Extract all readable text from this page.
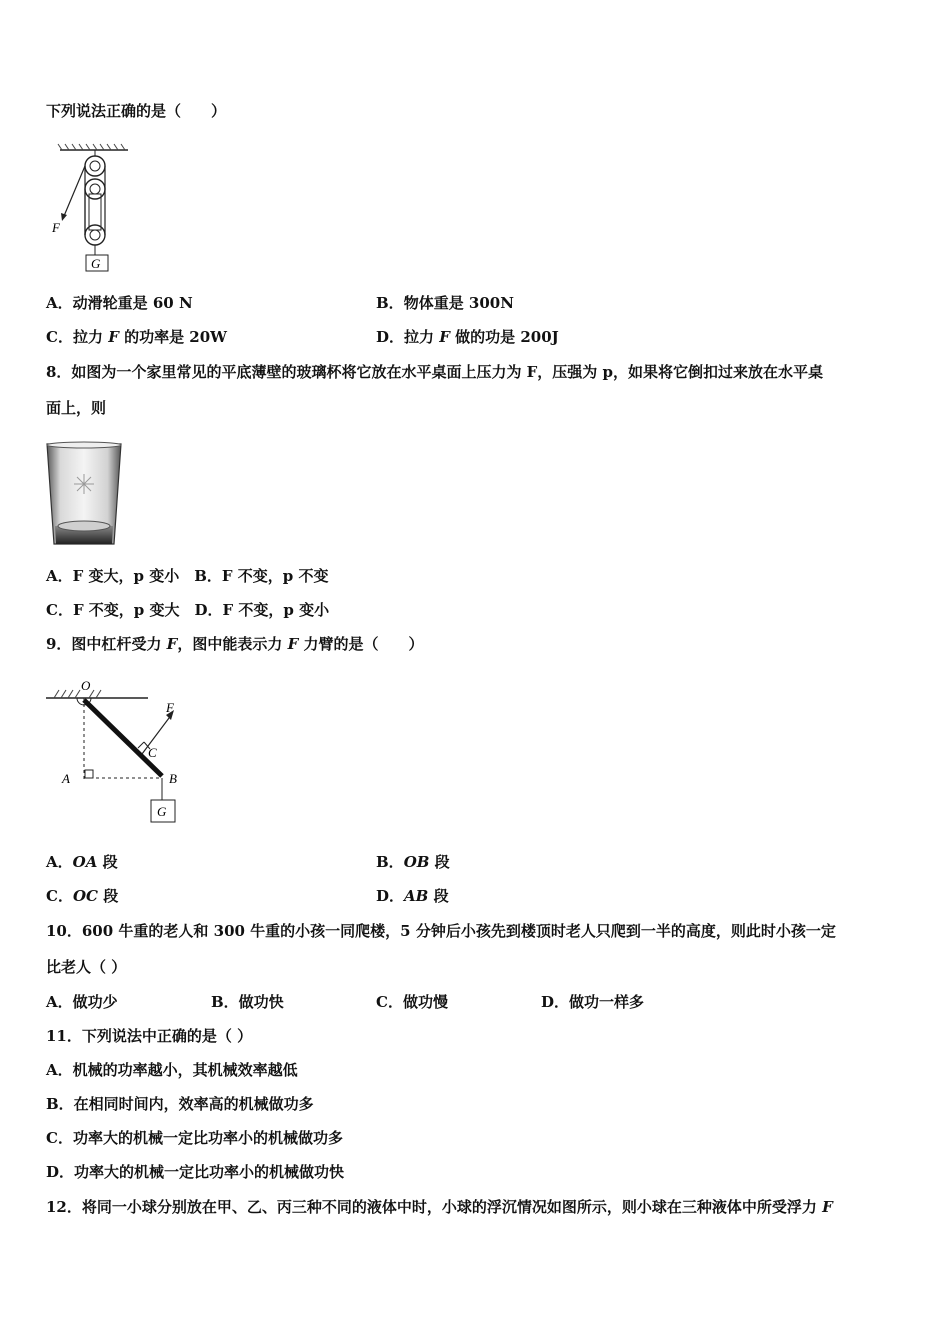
下列说法正确的是（　　）
F
G
A．动滑轮重是 60 N	B．物体重是 300N
C．拉力 F 的功率是 20W	D．拉力 F 做的功是 200J
8．如图为一个家里常见的平底薄壁的玻璃杯将它放在水平桌面上压力为 F，压强为 p，如果将它倒扣过来放在水平桌
面上，则
A．F 变大，p 变小　B．F 不变，p 不变
C．F 不变，p 变大　D．F 不变，p 变小
9．图中杠杆受力 F，图中能表示力 F 力臂的是（　　）
O
F
C
A	B
G
A．OA 段	B．OB 段
C．OC 段	D．AB 段
10．600 牛重的老人和 300 牛重的小孩一同爬楼，5 分钟后小孩先到楼顶时老人只爬到一半的高度，则此时小孩一定
比老人（ ）
A．做功少	B．做功快	C．做功慢	D．做功一样多
11．下列说法中正确的是（ ）
A．机械的功率越小，其机械效率越低
B．在相同时间内，效率高的机械做功多
C．功率大的机械一定比功率小的机械做功多
D．功率大的机械一定比功率小的机械做功快
12．将同一小球分别放在甲、乙、丙三种不同的液体中时，小球的浮沉情况如图所示，则小球在三种液体中所受浮力 F
